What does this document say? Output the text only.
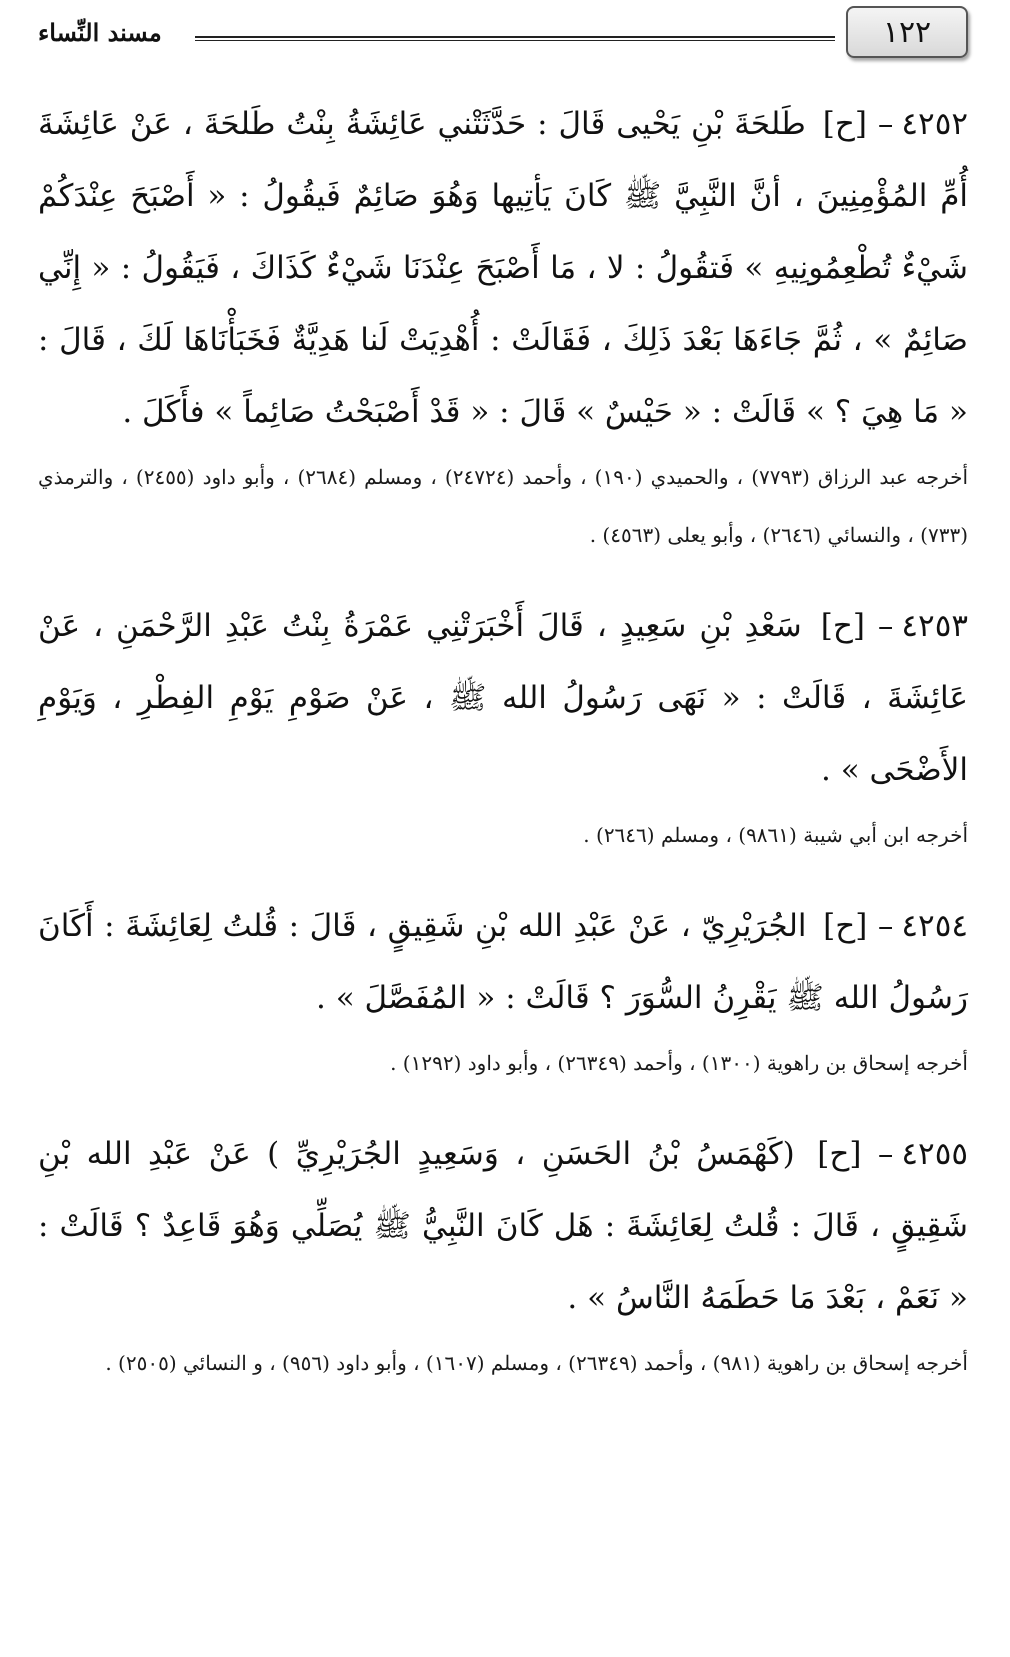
١٢٢
مسند النِّساء

٤٢٥٢– [ح] طَلحَةَ بْنِ يَحْيى قَالَ : حَدَّثَتْني عَائِشَةُ بِنْتُ طَلحَةَ ، عَنْ عَائِشَةَ أُمِّ المُؤْمِنِينَ ، أنَّ النَّبِيَّ ﷺ كَانَ يَأتِيها وَهُوَ صَائِمٌ فَيقُولُ : « أَصْبَحَ عِنْدَكُمْ شَيْءٌ تُطْعِمُونِيهِ » فَتقُولُ : لا ، مَا أَصْبَحَ عِنْدَنَا شَيْءٌ كَذَاكَ ، فَيَقُولُ : « إِنِّي صَائِمٌ » ، ثُمَّ جَاءَهَا بَعْدَ ذَلِكَ ، فَقَالَتْ : أُهْدِيَتْ لَنا هَدِيَّةٌ فَخَبَأْنَاهَا لَكَ ، قَالَ : « مَا هِيَ ؟ » قَالَتْ : « حَيْسٌ » قَالَ : « قَدْ أَصْبَحْتُ صَائِماً » فأَكَلَ .

أخرجه عبد الرزاق (٧٧٩٣) ، والحميدي (١٩٠) ، وأحمد (٢٤٧٢٤) ، ومسلم (٢٦٨٤) ، وأبو داود (٢٤٥٥) ، والترمذي (٧٣٣) ، والنسائي (٢٦٤٦) ، وأبو يعلى (٤٥٦٣) .

٤٢٥٣– [ح] سَعْدِ بْنِ سَعِيدٍ ، قَالَ أَخْبَرَتْنِي عَمْرَةُ بِنْتُ عَبْدِ الرَّحْمَنِ ، عَنْ عَائِشَةَ ، قَالَتْ : « نَهَى رَسُولُ الله ﷺ ، عَنْ صَوْمِ يَوْمِ الفِطْرِ ، وَيَوْمِ الأَضْحَى » .

أخرجه ابن أبي شيبة (٩٨٦١) ، ومسلم (٢٦٤٦) .

٤٢٥٤– [ح] الجُرَيْرِيّ ، عَنْ عَبْدِ الله بْنِ شَقِيقٍ ، قَالَ : قُلتُ لِعَائِشَةَ : أَكَانَ رَسُولُ الله ﷺ يَقْرِنُ السُّوَرَ ؟ قَالَتْ : « المُفَصَّلَ » .

أخرجه إسحاق بن راهوية (١٣٠٠) ، وأحمد (٢٦٣٤٩) ، وأبو داود (١٢٩٢) .

٤٢٥٥– [ح] (كَهْمَسُ بْنُ الحَسَنِ ، وَسَعِيدٍ الجُرَيْرِيِّ ) عَنْ عَبْدِ الله بْنِ شَقِيقٍ ، قَالَ : قُلتُ لِعَائِشَةَ : هَل كَانَ النَّبِيُّ ﷺ يُصَلِّي وَهُوَ قَاعِدٌ ؟ قَالَتْ : « نَعَمْ ، بَعْدَ مَا حَطَمَهُ النَّاسُ » .

أخرجه إسحاق بن راهوية (٩٨١) ، وأحمد (٢٦٣٤٩) ، ومسلم (١٦٠٧) ، وأبو داود (٩٥٦) ، و النسائي (٢٥٠٥) .
